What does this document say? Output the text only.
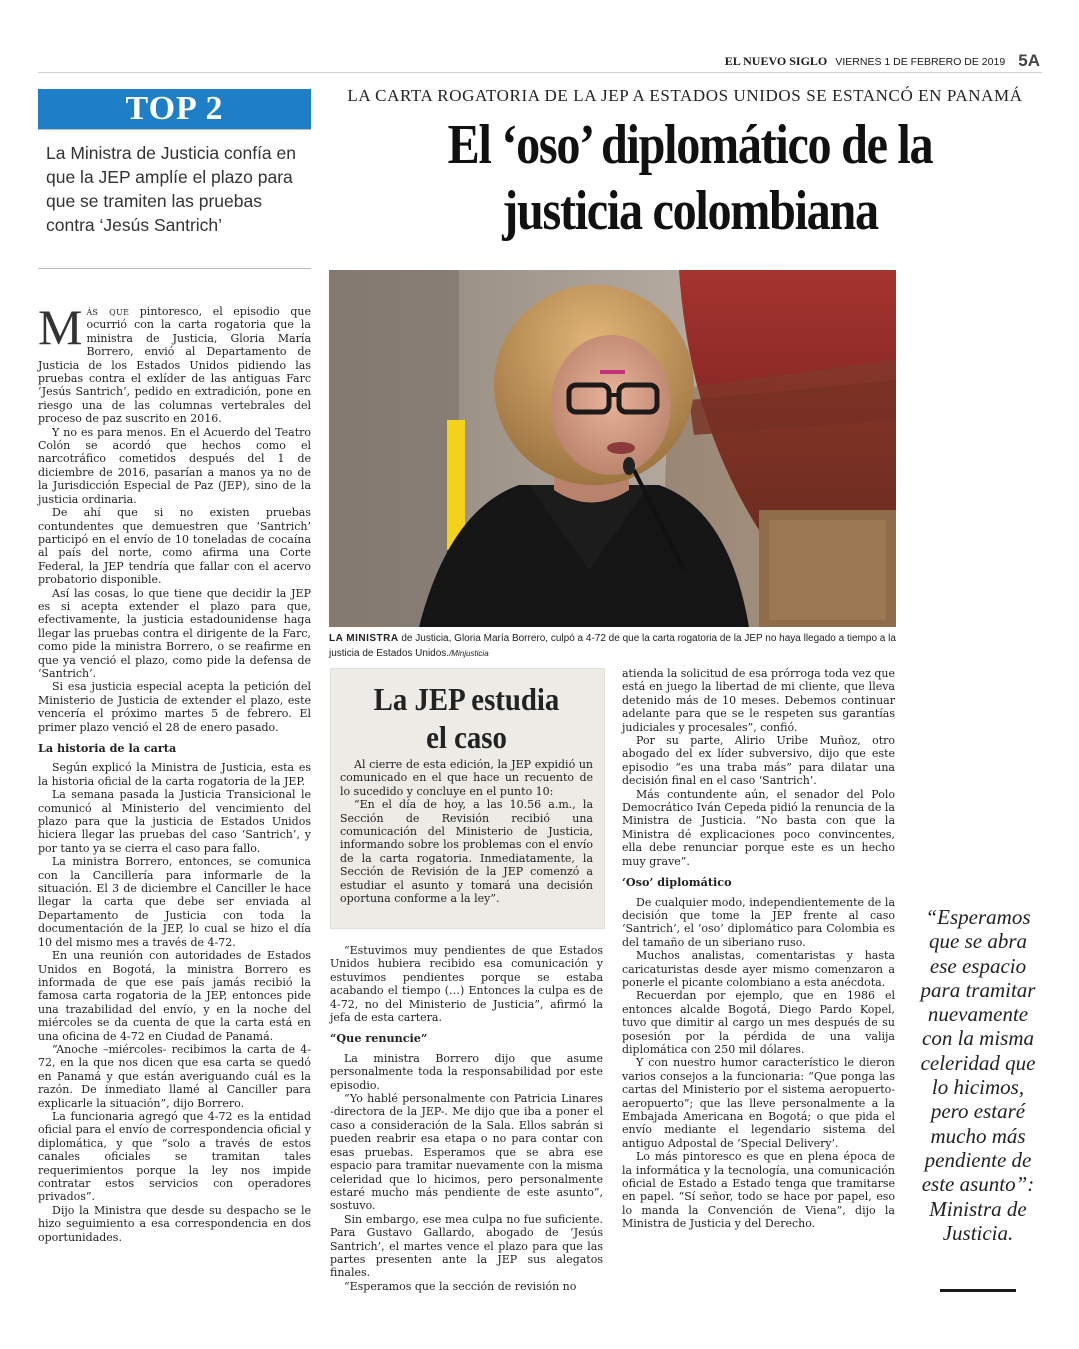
EL NUEVO SIGLO VIERNES 1 DE FEBRERO DE 2019 5A
TOP 2
La Ministra de Justicia confía en que la JEP amplíe el plazo para que se tramiten las pruebas contra ‘Jesús Santrich’
LA CARTA ROGATORIA DE LA JEP A ESTADOS UNIDOS SE ESTANCÓ EN PANAMÁ
El ‘oso’ diplomático de la
justicia colombiana
LA MINISTRA de Justicia, Gloria María Borrero, culpó a 4-72 de que la carta rogatoria de la JEP no haya llegado a tiempo a la justicia de Estados Unidos./Minjusticia

Más que pintoresco, el episodio que ocurrió con la carta rogatoria que la ministra de Justicia, Gloria María Borrero, envió al Departamento de Justicia de los Estados Unidos pidiendo las pruebas contra el exlíder de las antiguas Farc ‘Jesús Santrich’, pedido en extradición, pone en riesgo una de las columnas vertebrales del proceso de paz suscrito en 2016.

Y no es para menos. En el Acuerdo del Teatro Colón se acordó que hechos como el narcotráfico cometidos después del 1 de diciembre de 2016, pasarían a manos ya no de la Jurisdicción Especial de Paz (JEP), sino de la justicia ordinaria.

De ahí que si no existen pruebas contundentes que demuestren que ‘Santrich’ participó en el envío de 10 toneladas de cocaína al país del norte, como afirma una Corte Federal, la JEP tendría que fallar con el acervo probatorio disponible.

Así las cosas, lo que tiene que decidir la JEP es si acepta extender el plazo para que, efectivamente, la justicia estadounidense haga llegar las pruebas contra el dirigente de la Farc, como pide la ministra Borrero, o se reafirme en que ya venció el plazo, como pide la defensa de ‘Santrich’.

Si esa justicia especial acepta la petición del Ministerio de Justicia de extender el plazo, este vencería el próximo martes 5 de febrero. El primer plazo venció el 28 de enero pasado.

La historia de la carta

Según explicó la Ministra de Justicia, esta es la historia oficial de la carta rogatoria de la JEP.

La semana pasada la Justicia Transicional le comunicó al Ministerio del vencimiento del plazo para que la justicia de Estados Unidos hiciera llegar las pruebas del caso ‘Santrich’, y por tanto ya se cierra el caso para fallo.

La ministra Borrero, entonces, se comunica con la Cancillería para informarle de la situación. El 3 de diciembre el Canciller le hace llegar la carta que debe ser enviada al Departamento de Justicia con toda la documentación de la JEP, lo cual se hizo el día 10 del mismo mes a través de 4-72.

En una reunión con autoridades de Estados Unidos en Bogotá, la ministra Borrero es informada de que ese país jamás recibió la famosa carta rogatoria de la JEP, entonces pide una trazabilidad del envío, y en la noche del miércoles se da cuenta de que la carta está en una oficina de 4-72 en Ciudad de Panamá.

“Anoche –miércoles- recibimos la carta de 4-72, en la que nos dicen que esa carta se quedó en Panamá y que están averiguando cuál es la razón. De inmediato llamé al Canciller para explicarle la situación”, dijo Borrero.

La funcionaria agregó que 4-72 es la entidad oficial para el envío de correspondencia oficial y diplomática, y que “solo a través de estos canales oficiales se tramitan tales requerimientos porque la ley nos impide contratar estos servicios con operadores privados”.

Dijo la Ministra que desde su despacho se le hizo seguimiento a esa correspondencia en dos oportunidades.

La JEP estudia
el caso

Al cierre de esta edición, la JEP expidió un comunicado en el que hace un recuento de lo sucedido y concluye en el punto 10:

“En el día de hoy, a las 10.56 a.m., la Sección de Revisión recibió una comunicación del Ministerio de Justicia, informando sobre los problemas con el envío de la carta rogatoria. Inmediatamente, la Sección de Revisión de la JEP comenzó a estudiar el asunto y tomará una decisión oportuna conforme a la ley”.

“Estuvimos muy pendientes de que Estados Unidos hubiera recibido esa comunicación y estuvimos pendientes porque se estaba acabando el tiempo (…) Entonces la culpa es de 4-72, no del Ministerio de Justicia”, afirmó la jefa de esta cartera.

“Que renuncie”

La ministra Borrero dijo que asume personalmente toda la responsabilidad por este episodio.

“Yo hablé personalmente con Patricia Linares -directora de la JEP-. Me dijo que iba a poner el caso a consideración de la Sala. Ellos sabrán si pueden reabrir esa etapa o no para contar con esas pruebas. Esperamos que se abra ese espacio para tramitar nuevamente con la misma celeridad que lo hicimos, pero personalmente estaré mucho más pendiente de este asunto”, sostuvo.

Sin embargo, ese mea culpa no fue suficiente. Para Gustavo Gallardo, abogado de ‘Jesús Santrich’, el martes vence el plazo para que las partes presenten ante la JEP sus alegatos finales.

“Esperamos que la sección de revisión no

atienda la solicitud de esa prórroga toda vez que está en juego la libertad de mi cliente, que lleva detenido más de 10 meses. Debemos continuar adelante para que se le respeten sus garantías judiciales y procesales”, confió.

Por su parte, Alirio Uribe Muñoz, otro abogado del ex líder subversivo, dijo que este episodio “es una traba más” para dilatar una decisión final en el caso ‘Santrich’.

Más contundente aún, el senador del Polo Democrático Iván Cepeda pidió la renuncia de la Ministra de Justicia. “No basta con que la Ministra dé explicaciones poco convincentes, ella debe renunciar porque este es un hecho muy grave”.

‘Oso’ diplomático

De cualquier modo, independientemente de la decisión que tome la JEP frente al caso ‘Santrich’, el ‘oso’ diplomático para Colombia es del tamaño de un siberiano ruso.

Muchos analistas, comentaristas y hasta caricaturistas desde ayer mismo comenzaron a ponerle el picante colombiano a esta anécdota.

Recuerdan por ejemplo, que en 1986 el entonces alcalde Bogotá, Diego Pardo Kopel, tuvo que dimitir al cargo un mes después de su posesión por la pérdida de una valija diplomática con 250 mil dólares.

Y con nuestro humor característico le dieron varios consejos a la funcionaria: “Que ponga las cartas del Ministerio por el sistema aeropuerto-aeropuerto”; que las lleve personalmente a la Embajada Americana en Bogotá; o que pida el envío mediante el legendario sistema del antiguo Adpostal de ‘Special Delivery’.

Lo más pintoresco es que en plena época de la informática y la tecnología, una comunicación oficial de Estado a Estado tenga que tramitarse en papel. “Sí señor, todo se hace por papel, eso lo manda la Convención de Viena”, dijo la Ministra de Justicia y del Derecho.

“Esperamos que se abra ese espacio para tramitar nuevamente con la misma celeridad que lo hicimos, pero estaré mucho más pendiente de este asunto”: Ministra de Justicia.
